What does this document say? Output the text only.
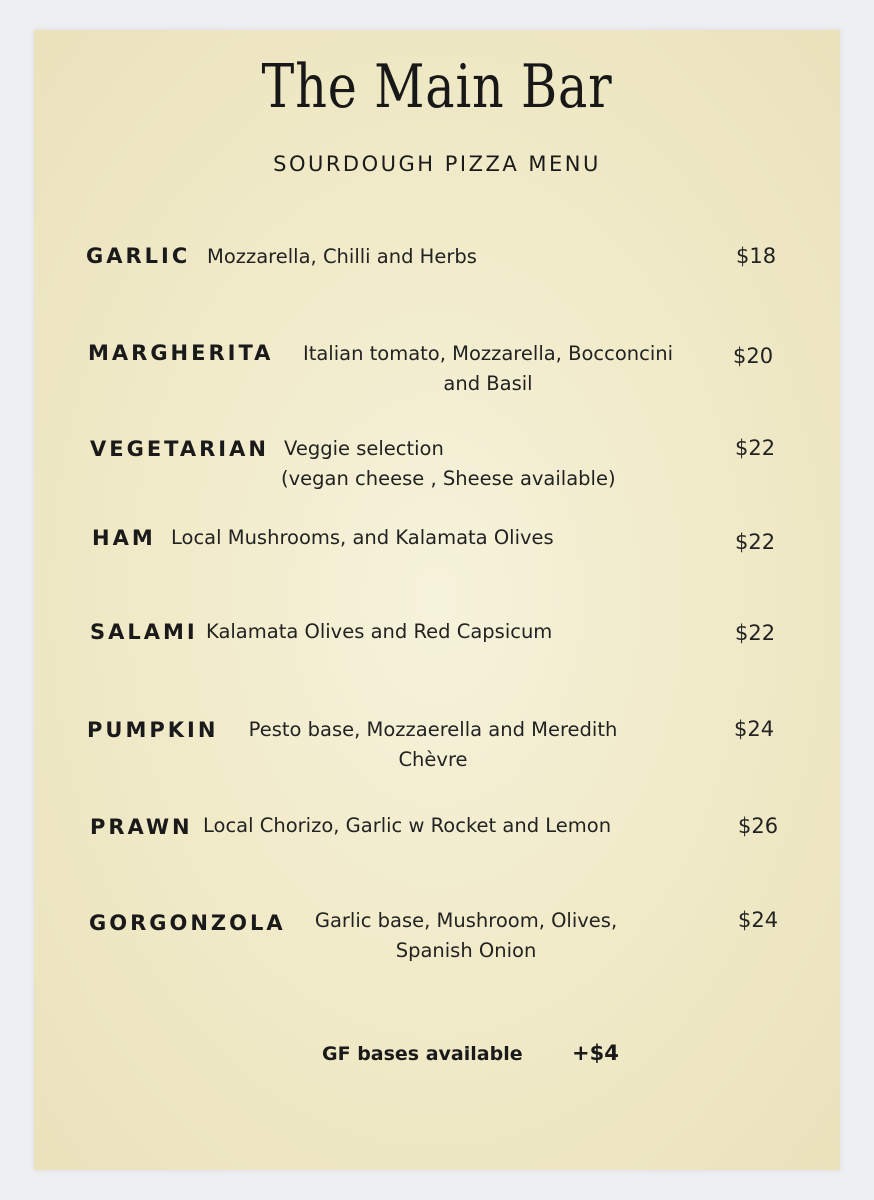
The Main Bar
SOURDOUGH PIZZA MENU
GARLIC Mozzarella, Chilli and Herbs	$18
MARGHERITA	Italian tomato, Mozzarella, Bocconcini
and Basil
$20
VEGETARIAN Veggie selection
(vegan cheese , Sheese available)
$22
HAM Local Mushrooms, and Kalamata Olives	$22
SALAMI Kalamata Olives and Red Capsicum	$22
PUMPKIN	Pesto base, Mozzaerella and Meredith
Chèvre
$24
PRAWN Local Chorizo, Garlic w Rocket and Lemon	$26
GORGONZOLA	Garlic base, Mushroom, Olives,
Spanish Onion
$24
GF bases available +$4
